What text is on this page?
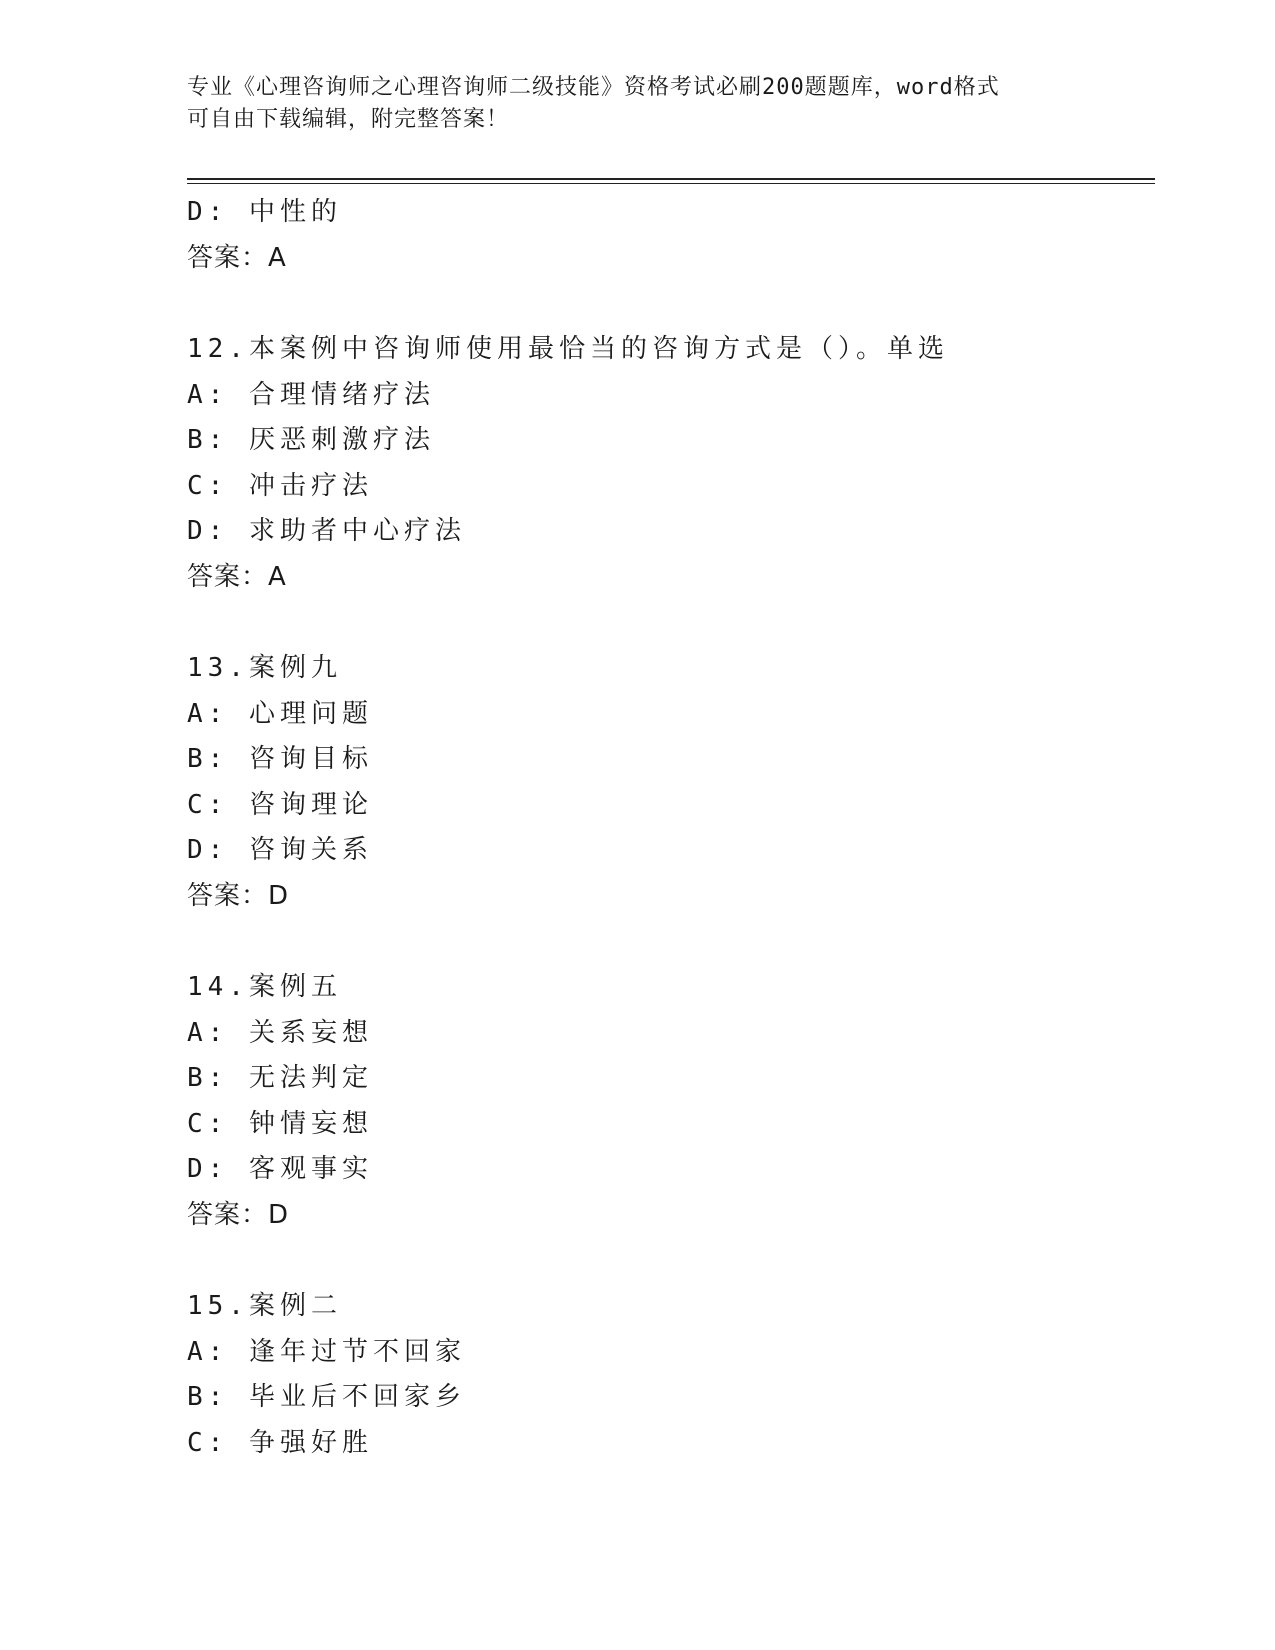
专业《心理咨询师之心理咨询师二级技能》资格考试必刷200题题库，word格式
可自由下载编辑，附完整答案！
D: 中性的
答案：A
12.本案例中咨询师使用最恰当的咨询方式是（）。单选
A: 合理情绪疗法
B: 厌恶刺激疗法
C: 冲击疗法
D: 求助者中心疗法
答案：A
13.案例九
A: 心理问题
B: 咨询目标
C: 咨询理论
D: 咨询关系
答案：D
14.案例五
A: 关系妄想
B: 无法判定
C: 钟情妄想
D: 客观事实
答案：D
15.案例二
A: 逢年过节不回家
B: 毕业后不回家乡
C: 争强好胜
